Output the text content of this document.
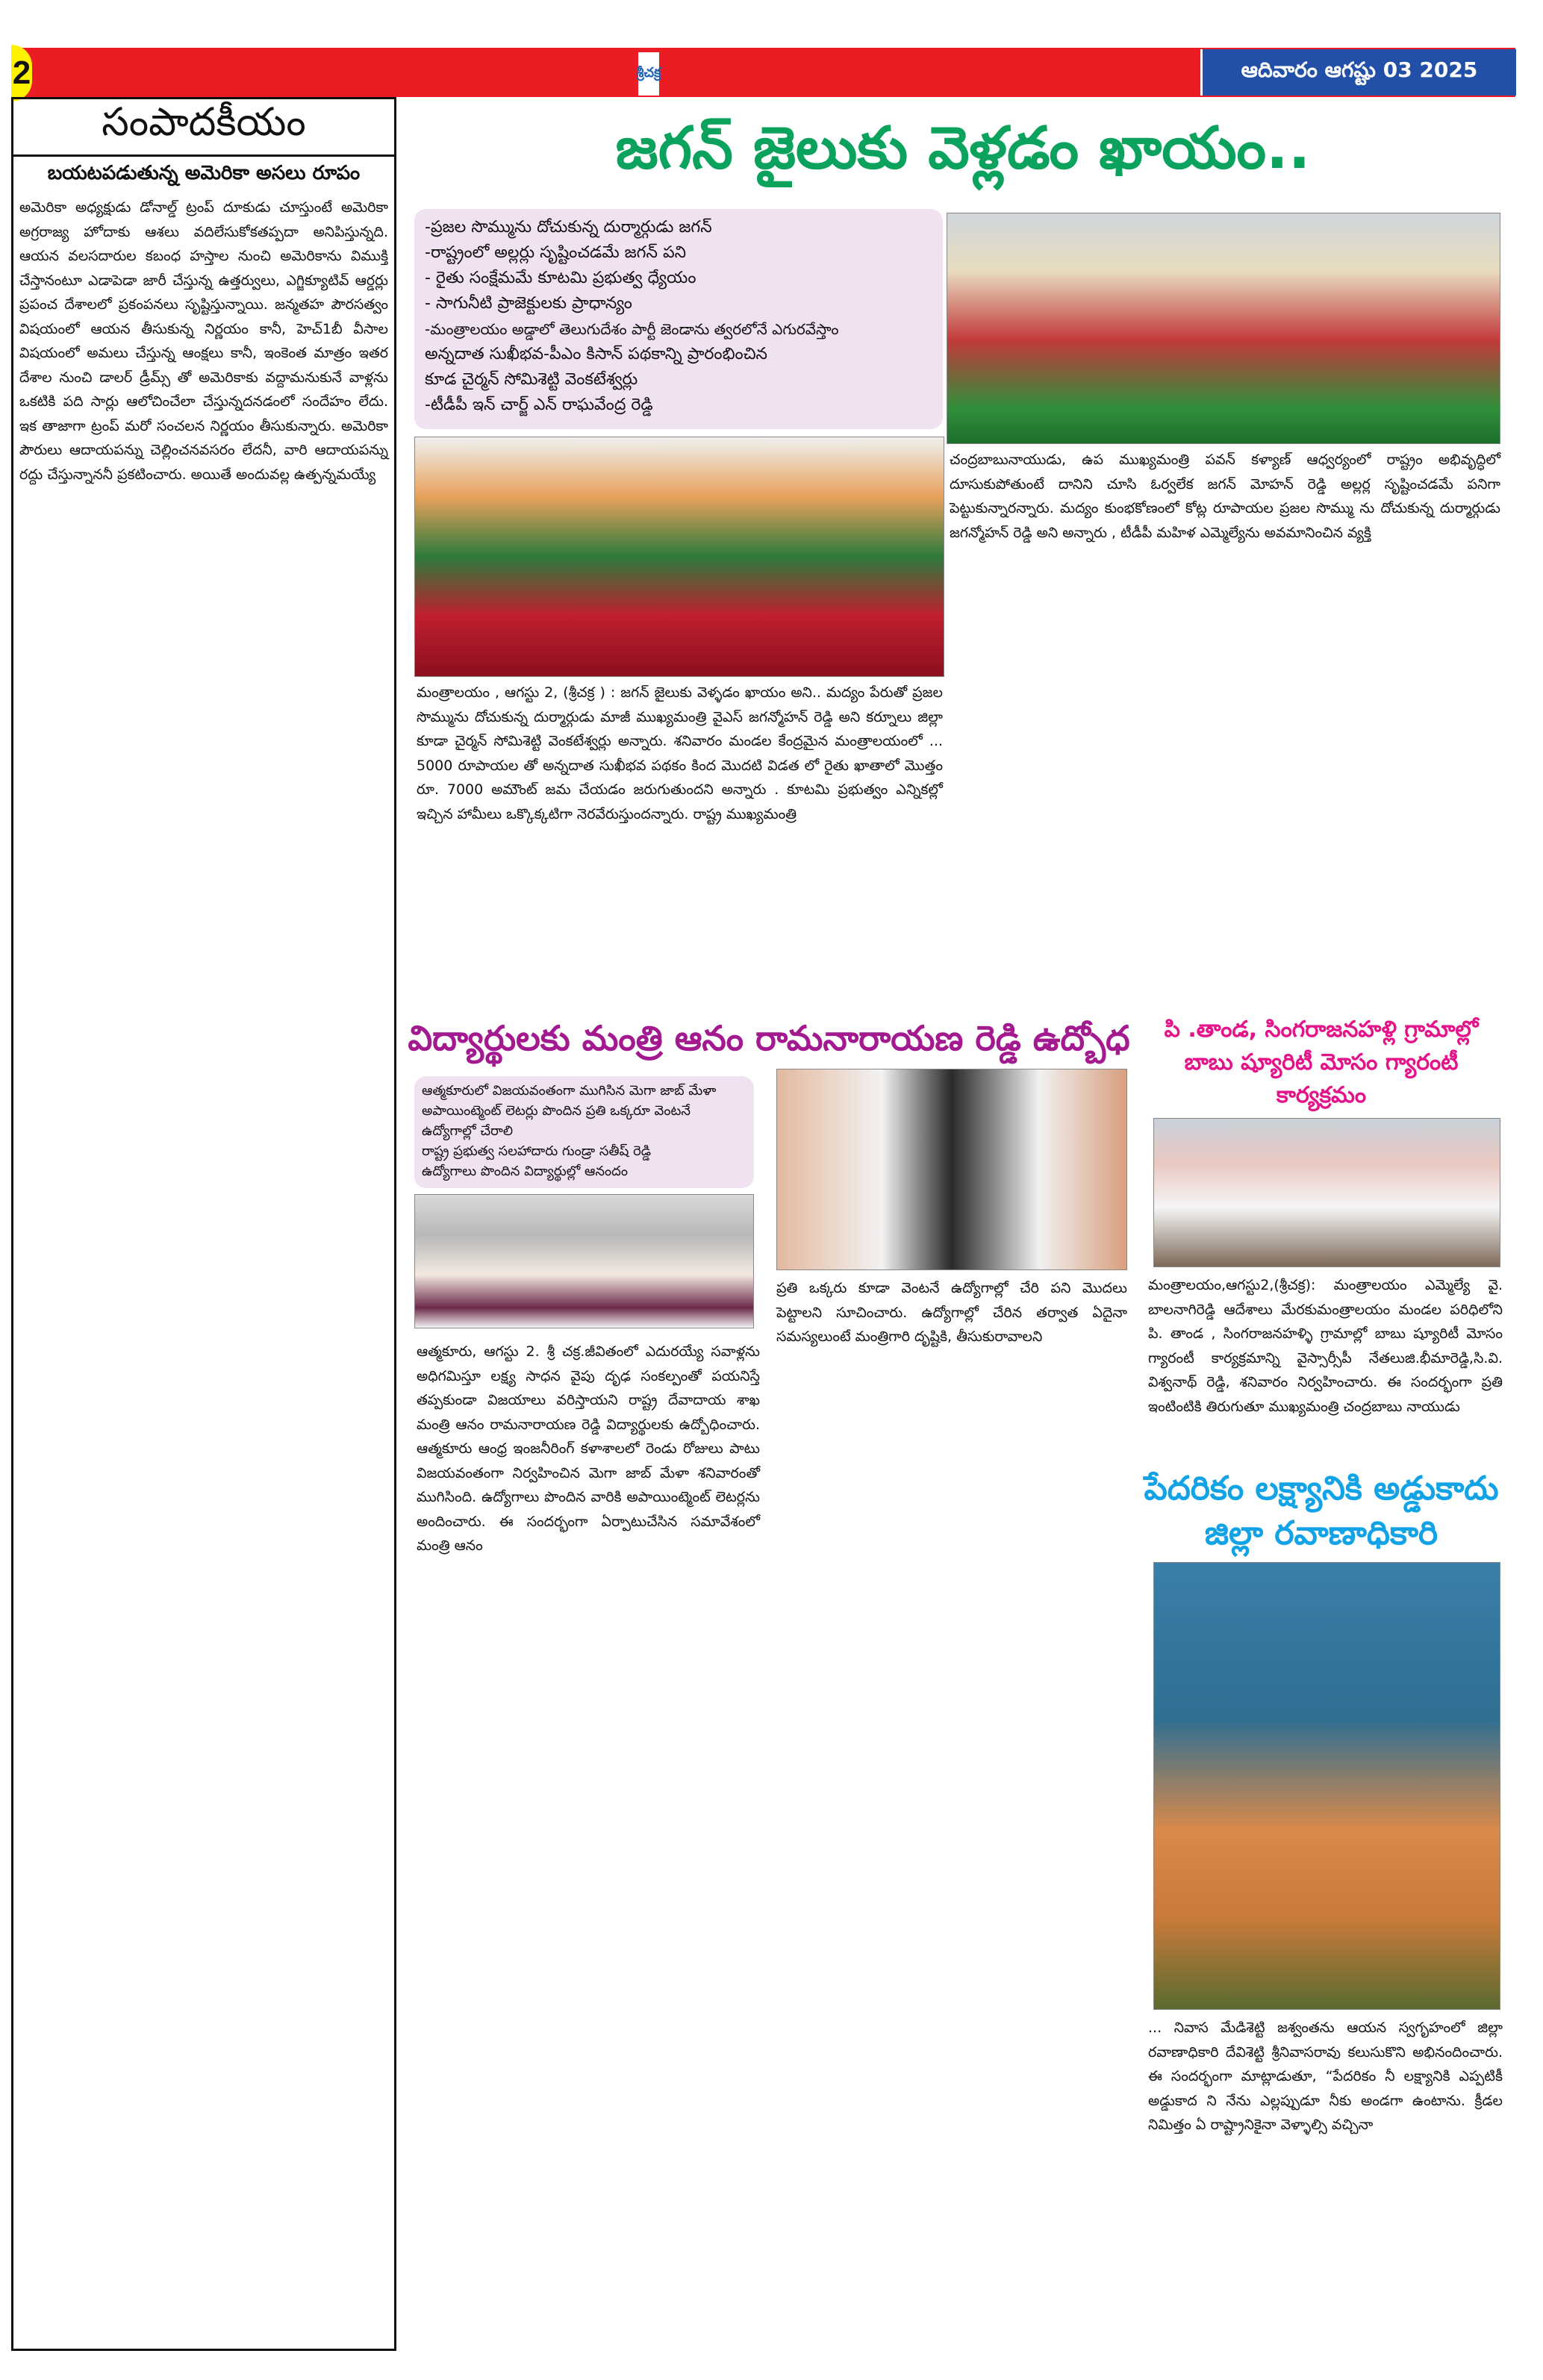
2	శ్రీచక్ర	ఆదివారం ఆగష్టు 03 2025
సంపాదకీయం
బయటపడుతున్న అమెరికా అసలు రూపం
అమెరికా అధ్యక్షుడు డోనాల్డ్ ట్రంప్ దూకుడు చూస్తుంటే అమెరికా అగ్రరాజ్య హోదాకు ఆశలు వదిలేసుకోకతప్పదా అనిపిస్తున్నది. ఆయన వలసదారుల కబంధ హస్తాల నుంచి అమెరికాను విముక్తి చేస్తానంటూ ఎడాపెడా జారీ చేస్తున్న ఉత్తర్వులు, ఎగ్జిక్యూటివ్ ఆర్డర్లు ప్రపంచ దేశాలలో ప్రకంపనలు సృష్టిస్తున్నాయి. జన్మతహ పౌరసత్వం విషయంలో ఆయన తీసుకున్న నిర్ణయం కానీ, హెచ్1బీ వీసాల విషయంలో అమలు చేస్తున్న ఆంక్షలు కానీ, ఇంకెంత మాత్రం ఇతర దేశాల నుంచి డాలర్ డ్రీమ్స్ తో అమెరికాకు వద్దామనుకునే వాళ్లను ఒకటికి పది సార్లు ఆలోచించేలా చేస్తున్నదనడంలో సందేహం లేదు. ఇక తాజాగా ట్రంప్ మరో సంచలన నిర్ణయం తీసుకున్నారు. అమెరికా పౌరులు ఆదాయపన్ను చెల్లించనవసరం లేదనీ, వారి ఆదాయపన్ను రద్దు చేస్తున్నాననీ ప్రకటించారు. అయితే అందువల్ల ఉత్పన్నమయ్యే
జగన్ జైలుకు వెళ్లడం ఖాయం..
-ప్రజల సొమ్మును దోచుకున్న దుర్మార్గుడు జగన్
-రాష్ట్రంలో అల్లర్లు సృష్టించడమే జగన్ పని
- రైతు సంక్షేమమే కూటమి ప్రభుత్వ ధ్యేయం
- సాగునీటి ప్రాజెక్టులకు ప్రాధాన్యం
-మంత్రాలయం అడ్డాలో తెలుగుదేశం పార్టీ జెండాను త్వరలోనే ఎగురవేస్తాం
అన్నదాత సుఖీభవ-పీఎం కిసాన్ పథకాన్ని ప్రారంభించిన
కూడ చైర్మన్ సోమిశెట్టి వెంకటేశ్వర్లు
-టీడీపీ ఇన్ చార్జ్ ఎన్ రాఘవేంద్ర రెడ్డి
మంత్రాలయం , ఆగస్టు 2, (శ్రీచక్ర ) : జగన్ జైలుకు వెళ్ళడం ఖాయం అని.. మద్యం పేరుతో ప్రజల సొమ్మును దోచుకున్న దుర్మార్గుడు మాజీ ముఖ్యమంత్రి వైఎస్ జగన్మోహన్ రెడ్డి అని కర్నూలు జిల్లా కూడా చైర్మన్ సోమిశెట్టి వెంకటేశ్వర్లు అన్నారు. శనివారం మండల కేంద్రమైన మంత్రాలయంలో ... 5000 రూపాయల తో అన్నదాత సుఖీభవ పథకం కింద మొదటి విడత లో రైతు ఖాతాలో మొత్తం రూ. 7000 అమౌంట్ జమ చేయడం జరుగుతుందని అన్నారు . కూటమి ప్రభుత్వం ఎన్నికల్లో ఇచ్చిన హామీలు ఒక్కొక్కటిగా నెరవేరుస్తుందన్నారు. రాష్ట్ర ముఖ్యమంత్రి
చంద్రబాబునాయుడు, ఉప ముఖ్యమంత్రి పవన్ కళ్యాణ్ ఆధ్వర్యంలో రాష్ట్రం అభివృద్ధిలో దూసుకుపోతుంటే దానిని చూసి ఓర్వలేక జగన్ మోహన్ రెడ్డి అల్లర్ల సృష్టించడమే పనిగా పెట్టుకున్నారన్నారు. మద్యం కుంభకోణంలో కోట్ల రూపాయల ప్రజల సొమ్ము ను దోచుకున్న దుర్మార్గుడు జగన్మోహన్ రెడ్డి అని అన్నారు , టీడీపీ మహిళ ఎమ్మెల్యేను అవమానించిన వ్యక్తి
విద్యార్థులకు మంత్రి ఆనం రామనారాయణ రెడ్డి ఉద్బోధ
ఆత్మకూరులో విజయవంతంగా ముగిసిన మెగా జాబ్ మేళా
అపాయింట్మెంట్ లెటర్లు పొందిన ప్రతి ఒక్కరూ వెంటనే
ఉద్యోగాల్లో చేరాలి
రాష్ట్ర ప్రభుత్వ సలహాదారు గుండ్రా సతీష్ రెడ్డి
ఉద్యోగాలు పొందిన విద్యార్థుల్లో ఆనందం
ఆత్మకూరు, ఆగస్టు 2. శ్రీ చక్ర.జీవితంలో ఎదురయ్యే సవాళ్లను అధిగమిస్తూ లక్ష్య సాధన వైపు దృఢ సంకల్పంతో పయనిస్తే తప్పకుండా విజయాలు వరిస్తాయని రాష్ట్ర దేవాదాయ శాఖ మంత్రి ఆనం రామనారాయణ రెడ్డి విద్యార్థులకు ఉద్బోధించారు. ఆత్మకూరు ఆంధ్ర ఇంజనీరింగ్ కళాశాలలో రెండు రోజులు పాటు విజయవంతంగా నిర్వహించిన మెగా జాబ్ మేళా శనివారంతో ముగిసింది. ఉద్యోగాలు పొందిన వారికి అపాయింట్మెంట్ లెటర్లను అందించారు. ఈ సందర్భంగా ఏర్పాటుచేసిన సమావేశంలో మంత్రి ఆనం
ప్రతి ఒక్కరు కూడా వెంటనే ఉద్యోగాల్లో చేరి పని మొదలు పెట్టాలని సూచించారు. ఉద్యోగాల్లో చేరిన తర్వాత ఏదైనా సమస్యలుంటే మంత్రిగారి దృష్టికి, తీసుకురావాలని
పి .తాండ, సింగరాజనహళ్లి గ్రామాల్లో
బాబు ష్యూరిటీ మోసం గ్యారంటీ కార్యక్రమం
మంత్రాలయం,ఆగస్టు2,(శ్రీచక్ర): మంత్రాలయం ఎమ్మెల్యే వై. బాలనాగిరెడ్డి ఆదేశాలు మేరకుమంత్రాలయం మండల పరిధిలోని పి. తాండ , సింగరాజనహళ్ళి గ్రామాల్లో బాబు ష్యూరిటీ మోసం గ్యారంటీ కార్యక్రమాన్ని వైస్సార్సీపీ నేతలుజి.భీమారెడ్డి,సి.వి. విశ్వనాథ్ రెడ్డి, శనివారం నిర్వహించారు. ఈ సందర్భంగా ప్రతి ఇంటింటికి తిరుగుతూ ముఖ్యమంత్రి చంద్రబాబు నాయుడు
పేదరికం లక్ష్యానికి అడ్డుకాదు
జిల్లా రవాణాధికారి
... నివాస మేడిశెట్టి జశ్వంతను ఆయన స్వగృహంలో జిల్లా రవాణాధికారి దేవిశెట్టి శ్రీనివాసరావు కలుసుకొని అభినందించారు. ఈ సందర్భంగా మాట్లాడుతూ, “పేదరికం నీ లక్ష్యానికి ఎప్పటికీ అడ్డుకాద ని నేను ఎల్లప్పుడూ నీకు అండగా ఉంటాను. క్రీడల నిమిత్తం ఏ రాష్ట్రానికైనా వెళ్ళాల్సి వచ్చినా
